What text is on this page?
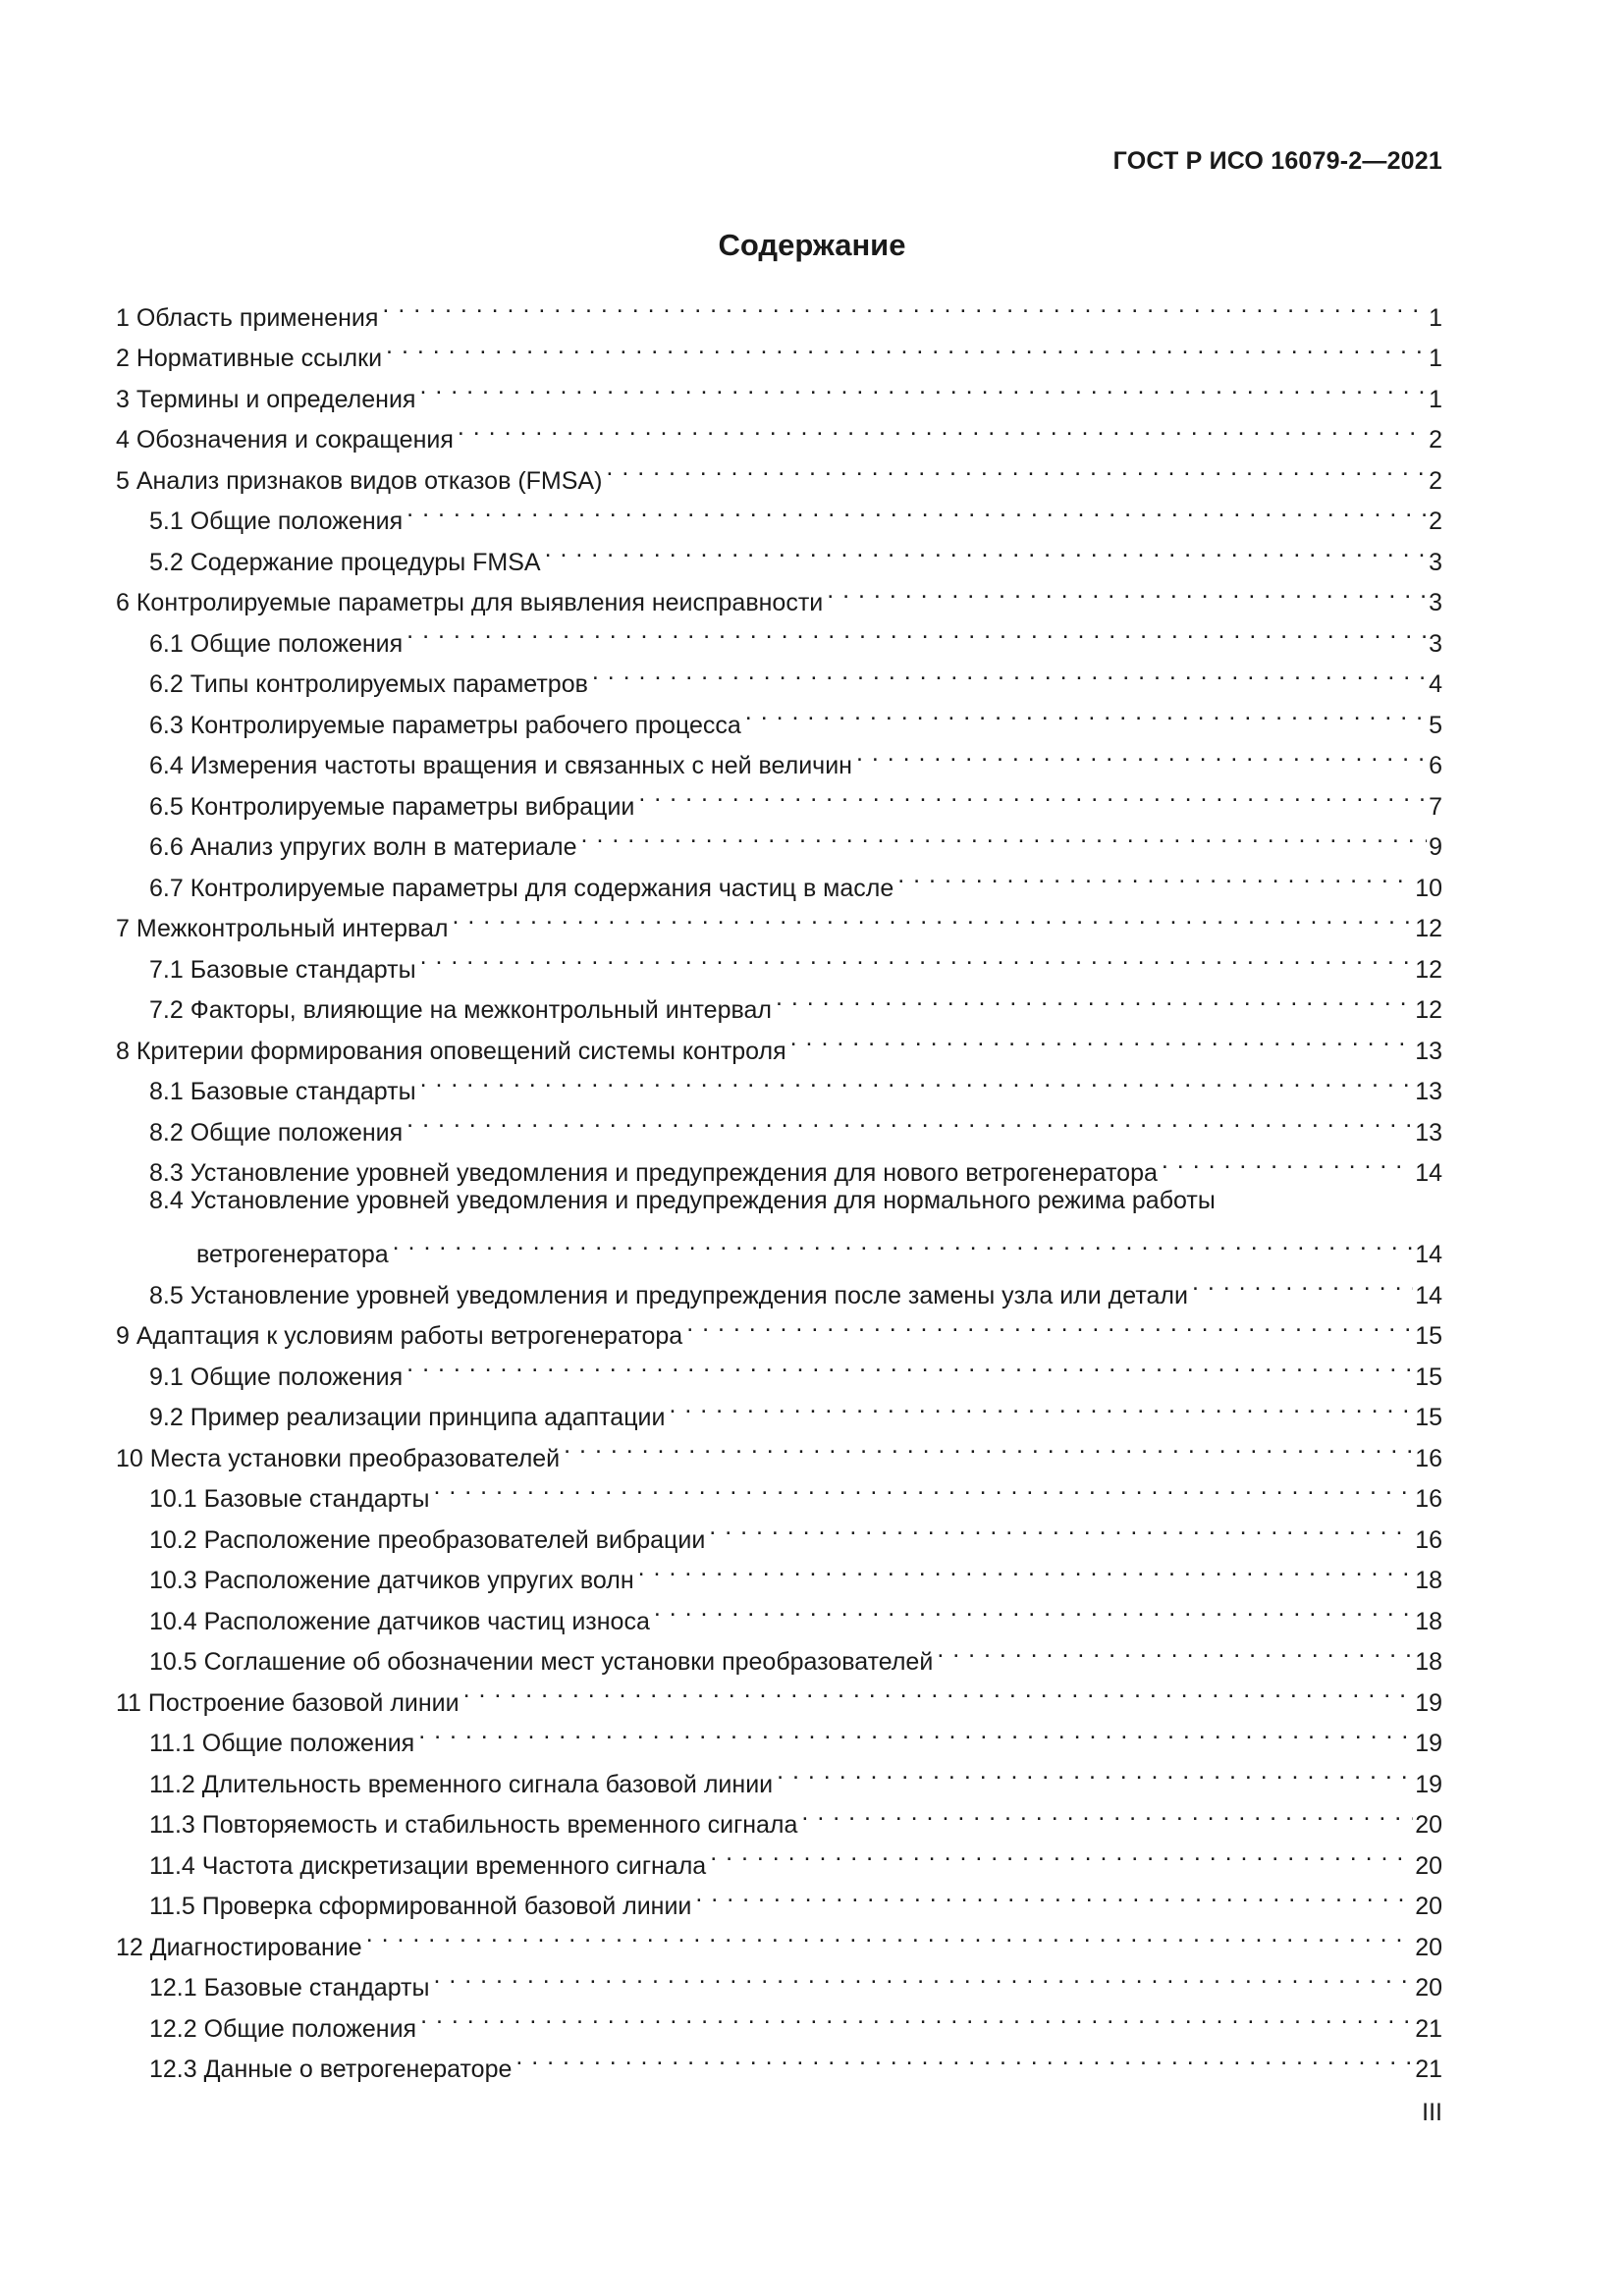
ГОСТ Р ИСО 16079-2—2021
Содержание
1 Область применения . . .	1
2 Нормативные ссылки . . .	1
3 Термины и определения . . .	1
4 Обозначения и сокращения . . .	2
5 Анализ признаков видов отказов (FMSA) . . .	2
5.1 Общие положения . . .	2
5.2 Содержание процедуры FMSA . . .	3
6 Контролируемые параметры для выявления неисправности . . .	3
6.1 Общие положения . . .	3
6.2 Типы контролируемых параметров . . .	4
6.3 Контролируемые параметры рабочего процесса . . .	5
6.4 Измерения частоты вращения и связанных с ней величин . . .	6
6.5 Контролируемые параметры вибрации . . .	7
6.6 Анализ упругих волн в материале . . .	9
6.7 Контролируемые параметры для содержания частиц в масле . . .	10
7 Межконтрольный интервал . . .	12
7.1 Базовые стандарты . . .	12
7.2 Факторы, влияющие на межконтрольный интервал . . .	12
8 Критерии формирования оповещений системы контроля . . .	13
8.1 Базовые стандарты . . .	13
8.2 Общие положения . . .	13
8.3 Установление уровней уведомления и предупреждения для нового ветрогенератора . . .	14
8.4 Установление уровней уведомления и предупреждения для нормального режима работы
ветрогенератора . . .	14
8.5 Установление уровней уведомления и предупреждения после замены узла или детали . . .	14
9 Адаптация к условиям работы ветрогенератора . . .	15
9.1 Общие положения . . .	15
9.2 Пример реализации принципа адаптации . . .	15
10 Места установки преобразователей . . .	16
10.1 Базовые стандарты . . .	16
10.2 Расположение преобразователей вибрации . . .	16
10.3 Расположение датчиков упругих волн . . .	18
10.4 Расположение датчиков частиц износа . . .	18
10.5 Соглашение об обозначении мест установки преобразователей . . .	18
11 Построение базовой линии . . .	19
11.1 Общие положения . . .	19
11.2 Длительность временного сигнала базовой линии . . .	19
11.3 Повторяемость и стабильность временного сигнала . . .	20
11.4 Частота дискретизации временного сигнала . . .	20
11.5 Проверка сформированной базовой линии . . .	20
12 Диагностирование . . .	20
12.1 Базовые стандарты . . .	20
12.2 Общие положения . . .	21
12.3 Данные о ветрогенераторе . . .	21
III
